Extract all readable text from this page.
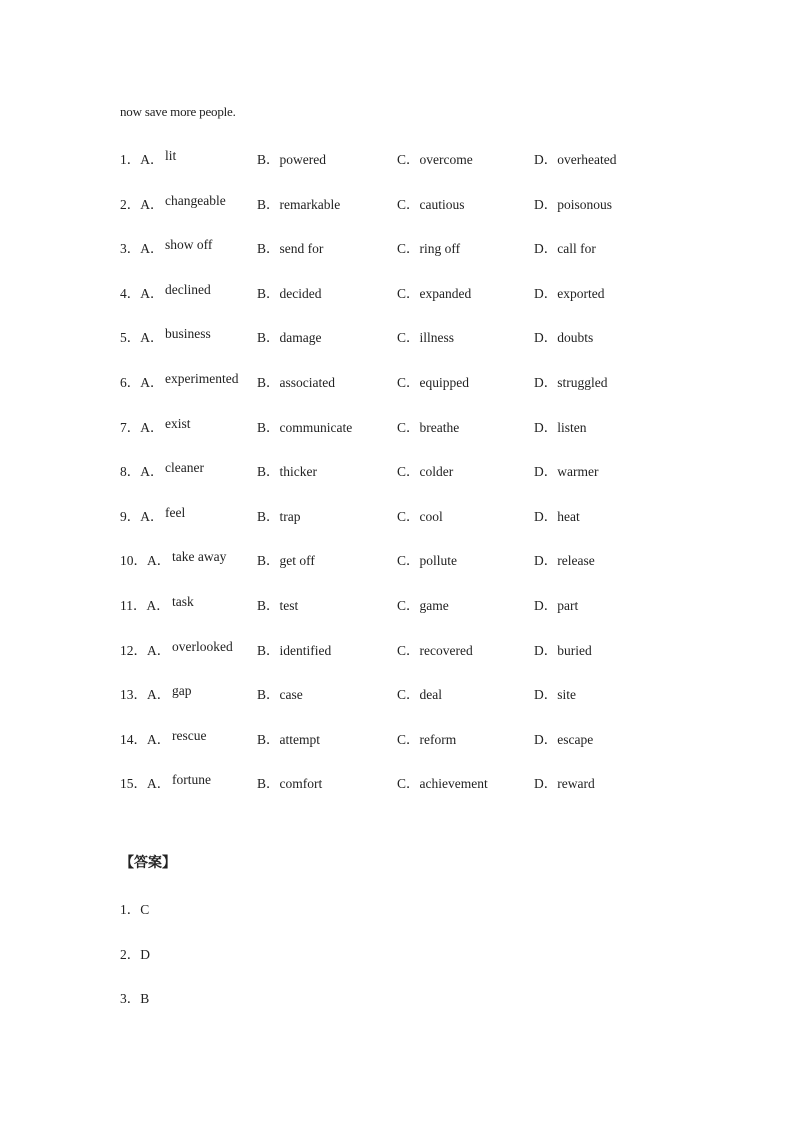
now save more people.
1．A． lit	B．powered	C．overcome	D．overheated
2．A． changeable B．remarkable	C．cautious	D．poisonous
3．A． show off	B．send for	C．ring off	D．call for
4．A． declined	B．decided	C．expanded	D．exported
5．A． business	B．damage	C．illness	D．doubts
6．A． experimented B．associated	C．equipped	D．struggled
7．A． exist	B．communicate	C．breathe	D．listen
8．A． cleaner	B．thicker	C．colder	D．warmer
9．A． feel	B．trap	C．cool	D．heat
10．A． take away B．get off	C．pollute	D．release
11．A． task	B．test	C．game	D．part
12．A． overlooked B．identified	C．recovered	D．buried
13．A． gap	B．case	C．deal	D．site
14．A． rescue	B．attempt	C．reform	D．escape
15．A． fortune	B．comfort	C．achievement	D．reward
【答案】
1．C
2．D
3．B
